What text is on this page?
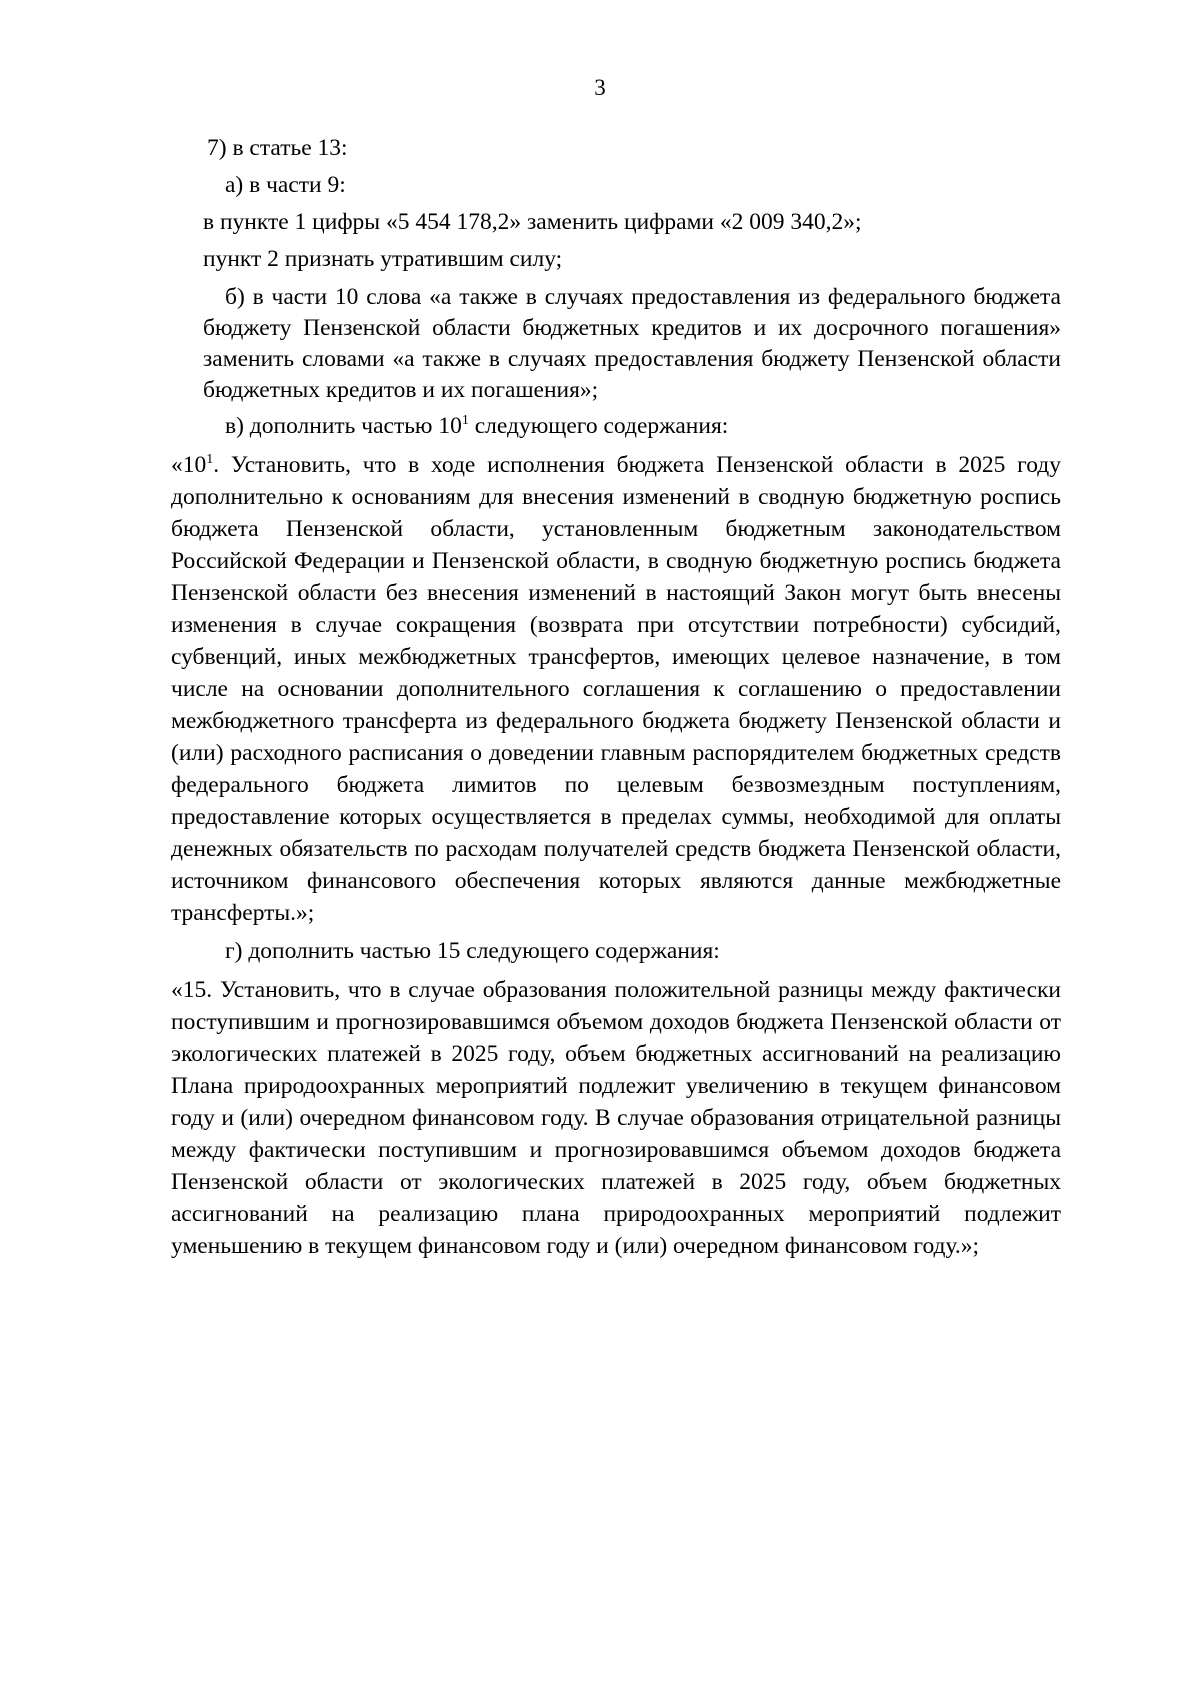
3

7) в статье 13:

а) в части 9:

в пункте 1 цифры «5 454 178,2» заменить цифрами «2 009 340,2»;

пункт 2 признать утратившим силу;

б) в части 10 слова «а также в случаях предоставления из федерального бюджета бюджету Пензенской области бюджетных кредитов и их досрочного погашения» заменить словами «а также в случаях предоставления бюджету Пензенской области бюджетных кредитов и их погашения»;

в) дополнить частью $10^1$ следующего содержания:

«$10^1$. Установить, что в ходе исполнения бюджета Пензенской области в 2025 году дополнительно к основаниям для внесения изменений в сводную бюджетную роспись бюджета Пензенской области, установленным бюджетным законодательством Российской Федерации и Пензенской области, в сводную бюджетную роспись бюджета Пензенской области без внесения изменений в настоящий Закон могут быть внесены изменения в случае сокращения (возврата при отсутствии потребности) субсидий, субвенций, иных межбюджетных трансфертов, имеющих целевое назначение, в том числе на основании дополнительного соглашения к соглашению о предоставлении межбюджетного трансферта из федерального бюджета бюджету Пензенской области и (или) расходного расписания о доведении главным распорядителем бюджетных средств федерального бюджета лимитов по целевым безвозмездным поступлениям, предоставление которых осуществляется в пределах суммы, необходимой для оплаты денежных обязательств по расходам получателей средств бюджета Пензенской области, источником финансового обеспечения которых являются данные межбюджетные трансферты.»;

г) дополнить частью 15 следующего содержания:

«15. Установить, что в случае образования положительной разницы между фактически поступившим и прогнозировавшимся объемом доходов бюджета Пензенской области от экологических платежей в 2025 году, объем бюджетных ассигнований на реализацию Плана природоохранных мероприятий подлежит увеличению в текущем финансовом году и (или) очередном финансовом году. В случае образования отрицательной разницы между фактически поступившим и прогнозировавшимся объемом доходов бюджета Пензенской области от экологических платежей в 2025 году, объем бюджетных ассигнований на реализацию плана природоохранных мероприятий подлежит уменьшению в текущем финансовом году и (или) очередном финансовом году.»;
